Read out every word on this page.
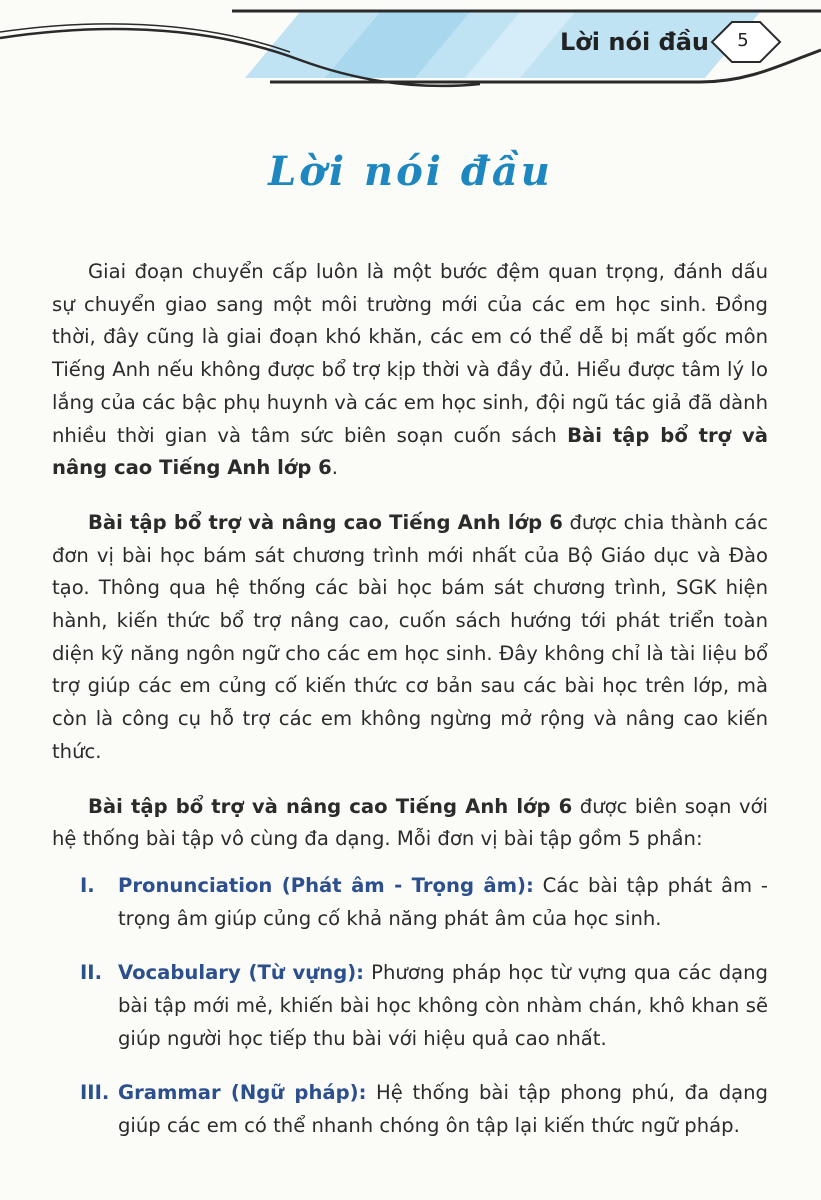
Lời nói đầu 5
Lời nói đầu

Giai đoạn chuyển cấp luôn là một bước đệm quan trọng, đánh dấu sự chuyển giao sang một môi trường mới của các em học sinh. Đồng thời, đây cũng là giai đoạn khó khăn, các em có thể dễ bị mất gốc môn Tiếng Anh nếu không được bổ trợ kịp thời và đầy đủ. Hiểu được tâm lý lo lắng của các bậc phụ huynh và các em học sinh, đội ngũ tác giả đã dành nhiều thời gian và tâm sức biên soạn cuốn sách Bài tập bổ trợ và nâng cao Tiếng Anh lớp 6.

Bài tập bổ trợ và nâng cao Tiếng Anh lớp 6 được chia thành các đơn vị bài học bám sát chương trình mới nhất của Bộ Giáo dục và Đào tạo. Thông qua hệ thống các bài học bám sát chương trình, SGK hiện hành, kiến thức bổ trợ nâng cao, cuốn sách hướng tới phát triển toàn diện kỹ năng ngôn ngữ cho các em học sinh. Đây không chỉ là tài liệu bổ trợ giúp các em củng cố kiến thức cơ bản sau các bài học trên lớp, mà còn là công cụ hỗ trợ các em không ngừng mở rộng và nâng cao kiến thức.

Bài tập bổ trợ và nâng cao Tiếng Anh lớp 6 được biên soạn với hệ thống bài tập vô cùng đa dạng. Mỗi đơn vị bài tập gồm 5 phần:

I. Pronunciation (Phát âm - Trọng âm): Các bài tập phát âm - trọng âm giúp củng cố khả năng phát âm của học sinh.
II. Vocabulary (Từ vựng): Phương pháp học từ vựng qua các dạng bài tập mới mẻ, khiến bài học không còn nhàm chán, khô khan sẽ giúp người học tiếp thu bài với hiệu quả cao nhất.
III. Grammar (Ngữ pháp): Hệ thống bài tập phong phú, đa dạng giúp các em có thể nhanh chóng ôn tập lại kiến thức ngữ pháp.
